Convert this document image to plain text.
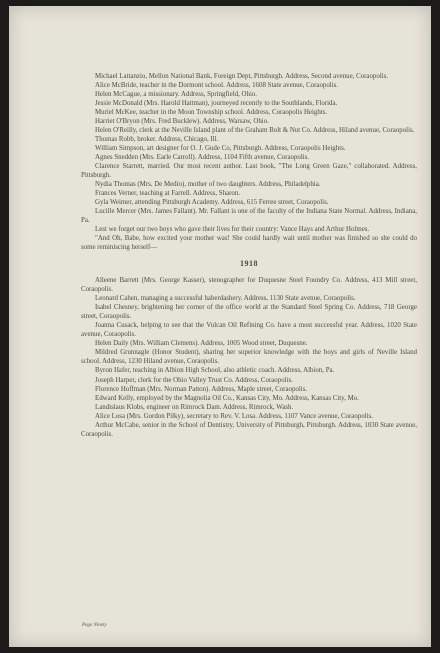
Michael Lattanzio, Mellon National Bank, Foreign Dept, Pittsburgh. Address, Second avenue, Coraopolis.

Alice McBride, teacher in the Dormont school. Address, 1608 State avenue, Coraopolis.

Helen McCague, a missionary. Address, Springfield, Ohio.

Jessie McDonald (Mrs. Harold Hattman), journeyed recently to the Southlands, Florida.

Muriel McKee, teacher in the Moon Township school. Address, Coraopolis Heights.

Harriet O'Bryon (Mrs. Fred Bucklew). Address, Warsaw, Ohio.

Helen O'Reilly, clerk at the Neville Island plant of the Graham Bolt & Nut Co. Address, Hiland avenue, Coraopolis.

Thomas Robb, broker. Address, Chicago, Ill.

William Simpson, art designer for O. J. Gude Co, Pittsburgh. Address, Coraopolis Heights.

Agnes Snedden (Mrs. Earle Carroll). Address, 1104 Fifth avenue, Coraopolis.

Clarence Starrett, married. Our most recent author. Last book, "The Long Green Gaze," collaborated. Address, Pittsburgh.

Nydia Thomas (Mrs. De Medio), mother of two daughters. Address, Philadelphia.

Frances Verner, teaching at Farrell. Address, Sharon.

Gyla Weimer, attending Pittsburgh Academy. Address, 615 Ferree street, Coraopolis.

Lucille Mercer (Mrs. James Fallant). Mr. Fallant is one of the faculty of the Indiana State Normal. Address, Indiana, Pa.

Lest we forget our two boys who gave their lives for their country: Vance Hays and Arthur Holmes.

"And Oh, Babe, how excited your mother was! She could hardly wait until mother was finished so she could do some reminiscing herself—

1918

Alleene Barrett (Mrs. George Kasser), stenographer for Duquesne Steel Foundry Co. Address, 413 Mill street, Coraopolis.

Leonard Cahen, managing a successful haberdashery. Address, 1130 State avenue, Coraopolis.

Isabel Chesney, brightening her corner of the office world at the Standard Steel Spring Co. Address, 718 George street, Coraopolis.

Joanna Cusack, helping to see that the Vulcan Oil Refining Co. have a most successful year. Address, 1020 State avenue, Coraopolis.

Helen Daily (Mrs. William Clemens). Address, 1005 Wood street, Duquesne.

Mildred Grunnagle (Honor Student), sharing her superior knowledge with the boys and girls of Neville Island school. Address, 1230 Hiland avenue, Coraopolis.

Byron Hafer, teaching in Albion High School, also athletic coach. Address, Albion, Pa.

Joseph Harper, clerk for the Ohio Valley Trust Co. Address, Coraopolis.

Florence Hoffman (Mrs. Norman Patton). Address, Maple street, Coraopolis.

Edward Kelly, employed by the Magnolia Oil Co., Kansas City, Mo. Address, Kansas City, Mo.

Landislaus Klobs, engineer on Rimrock Dam. Address, Rimrock, Wash.

Alice Losa (Mrs. Gordon Pilky), secretary to Rev. V. Losa. Address, 1107 Vance avenue, Coraopolis.

Arthur McCabe, senior in the School of Dentistry, University of Pittsburgh, Pittsburgh. Address, 1030 State avenue, Coraopolis.

Page Ninety
